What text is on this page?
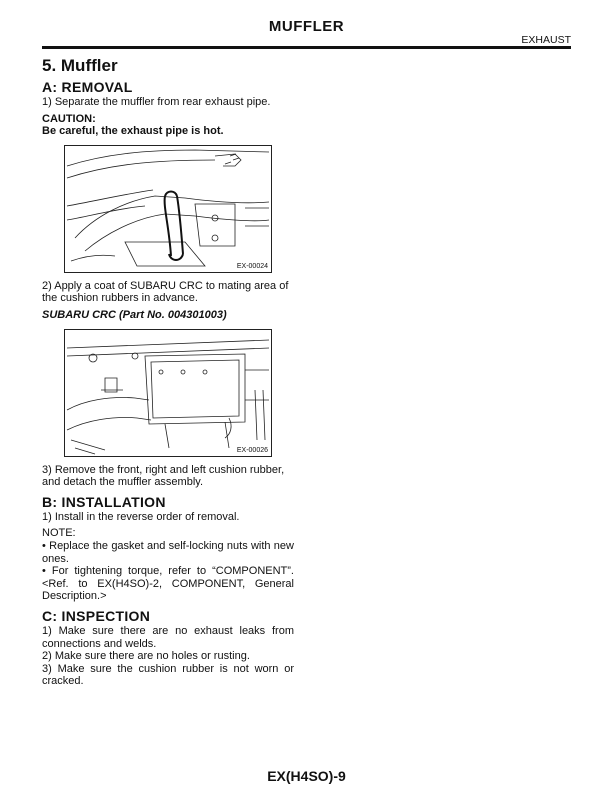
MUFFLER
EXHAUST
5. Muffler
A: REMOVAL

1) Separate the muffler from rear exhaust pipe.

CAUTION:

Be careful, the exhaust pipe is hot.

EX-00024

2) Apply a coat of SUBARU CRC to mating area of the cushion rubbers in advance.

SUBARU CRC (Part No. 004301003)

EX-00026

3) Remove the front, right and left cushion rubber, and detach the muffler assembly.

B: INSTALLATION

1) Install in the reverse order of removal.

NOTE:

• Replace the gasket and self-locking nuts with new ones.

• For tightening torque, refer to “COMPONENT”. <Ref. to EX(H4SO)-2, COMPONENT, General Description.>

C: INSPECTION

1) Make sure there are no exhaust leaks from connections and welds.

2) Make sure there are no holes or rusting.

3) Make sure the cushion rubber is not worn or cracked.

EX(H4SO)-9
